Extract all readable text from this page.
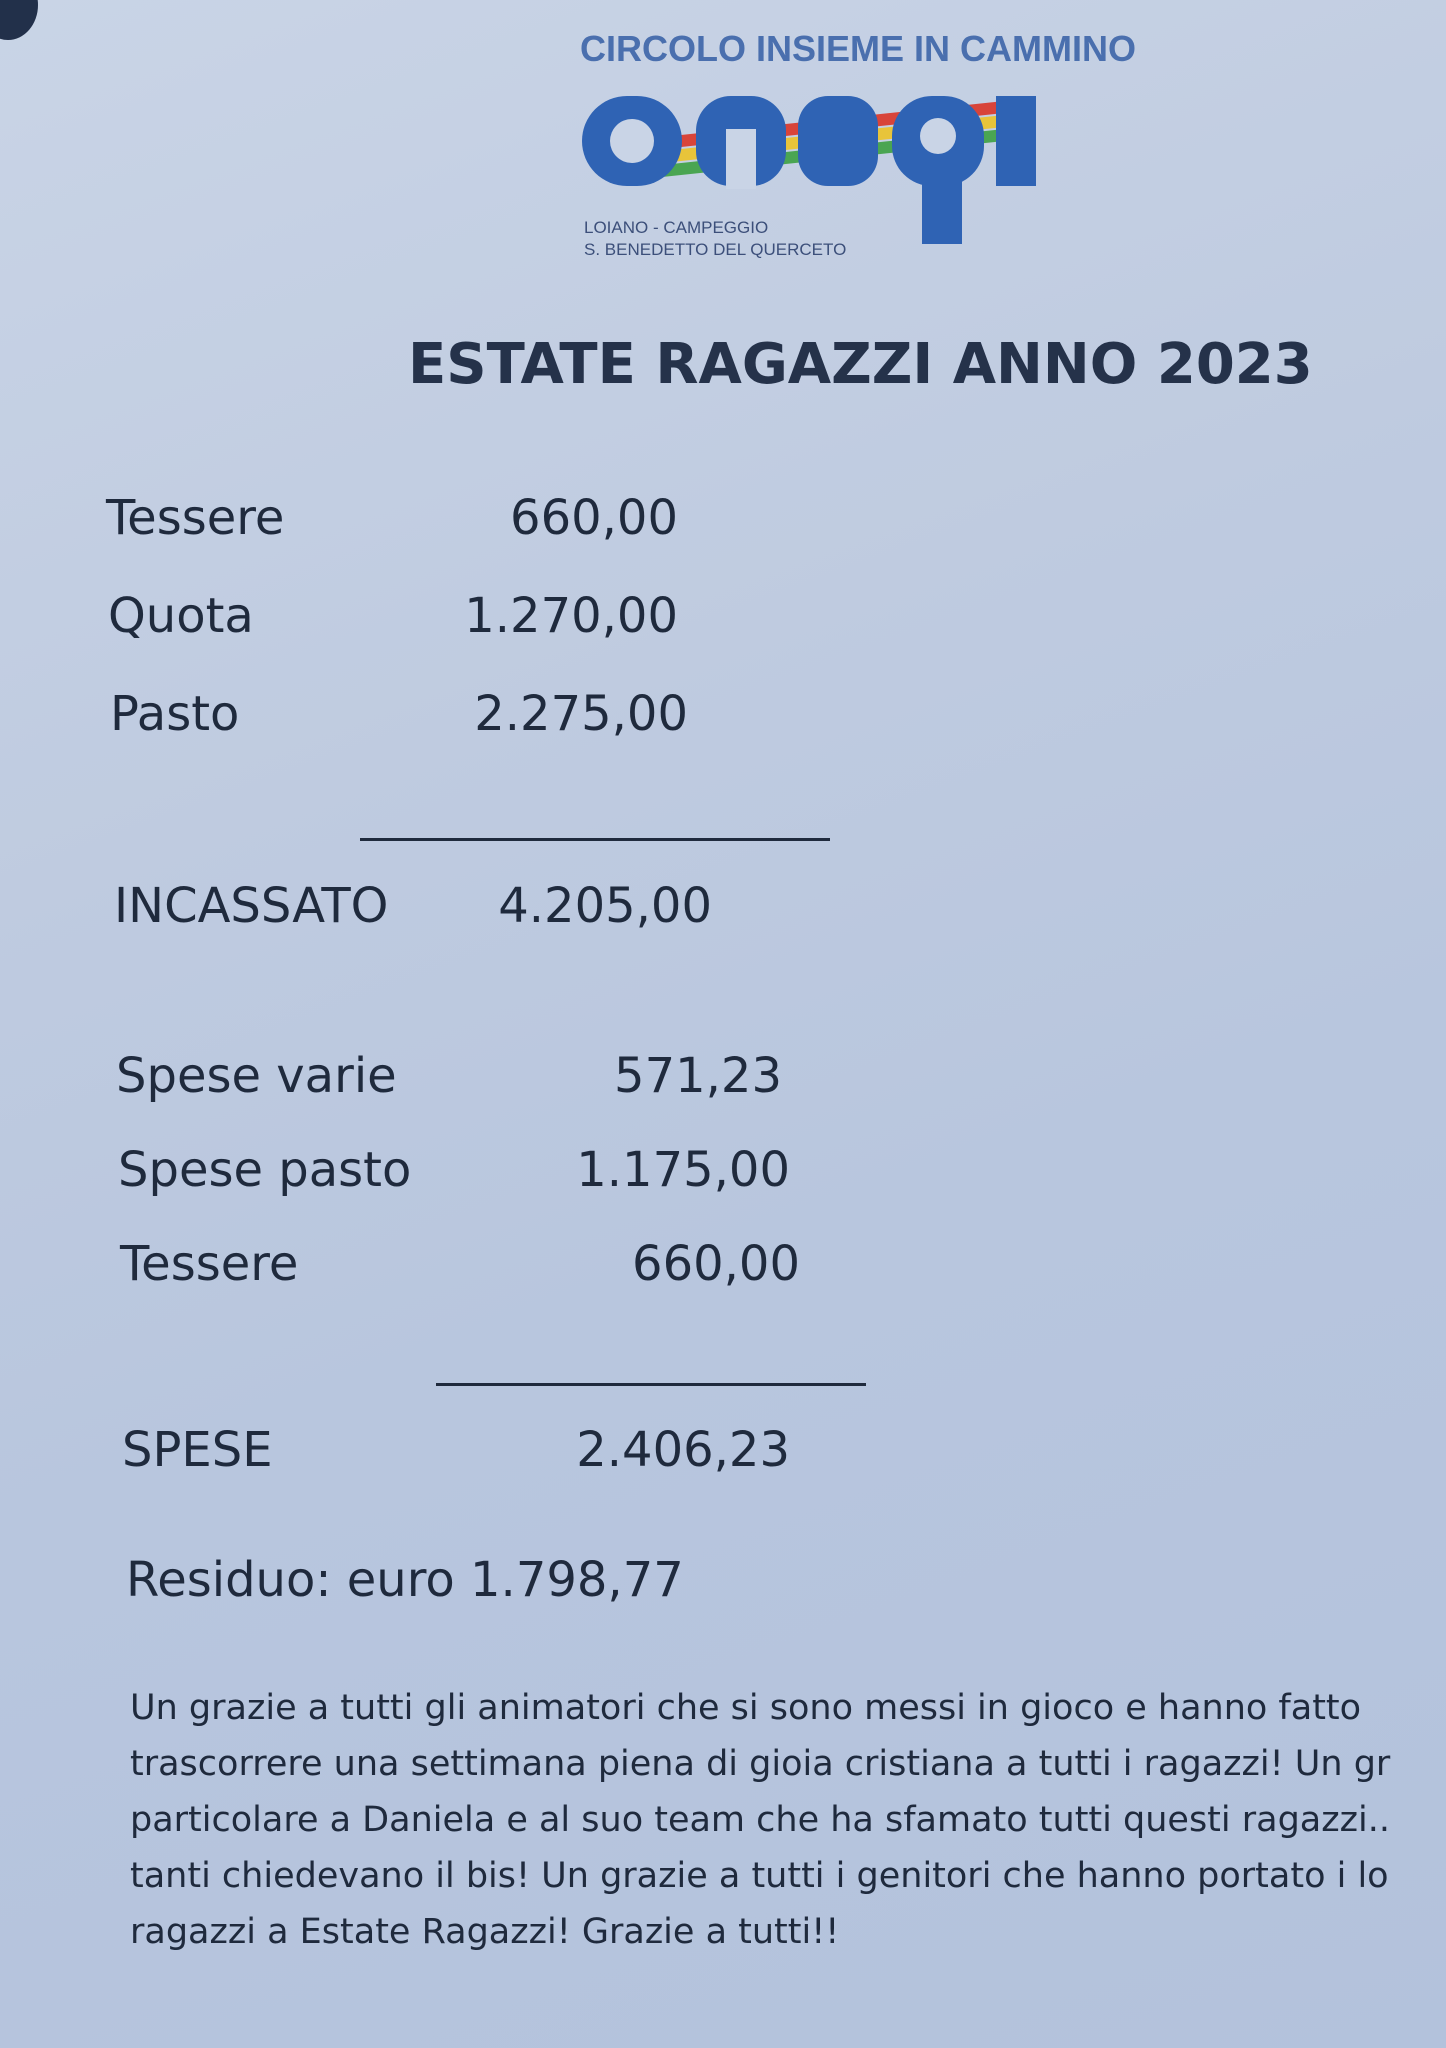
CIRCOLO INSIEME IN CAMMINO
anspi
LOIANO - CAMPEGGIO
S. BENEDETTO DEL QUERCETO
ESTATE RAGAZZI ANNO 2023
Tessere	660,00
Quota	1.270,00
Pasto	2.275,00
INCASSATO	4.205,00
Spese varie	571,23
Spese pasto	1.175,00
Tessere	660,00
SPESE	2.406,23
Residuo: euro 1.798,77
Un grazie a tutti gli animatori che si sono messi in gioco e hanno fatto
trascorrere una settimana piena di gioia cristiana a tutti i ragazzi! Un gr
particolare a Daniela e al suo team che ha sfamato tutti questi ragazzi..
tanti chiedevano il bis! Un grazie a tutti i genitori che hanno portato i lo
ragazzi a Estate Ragazzi! Grazie a tutti!!
